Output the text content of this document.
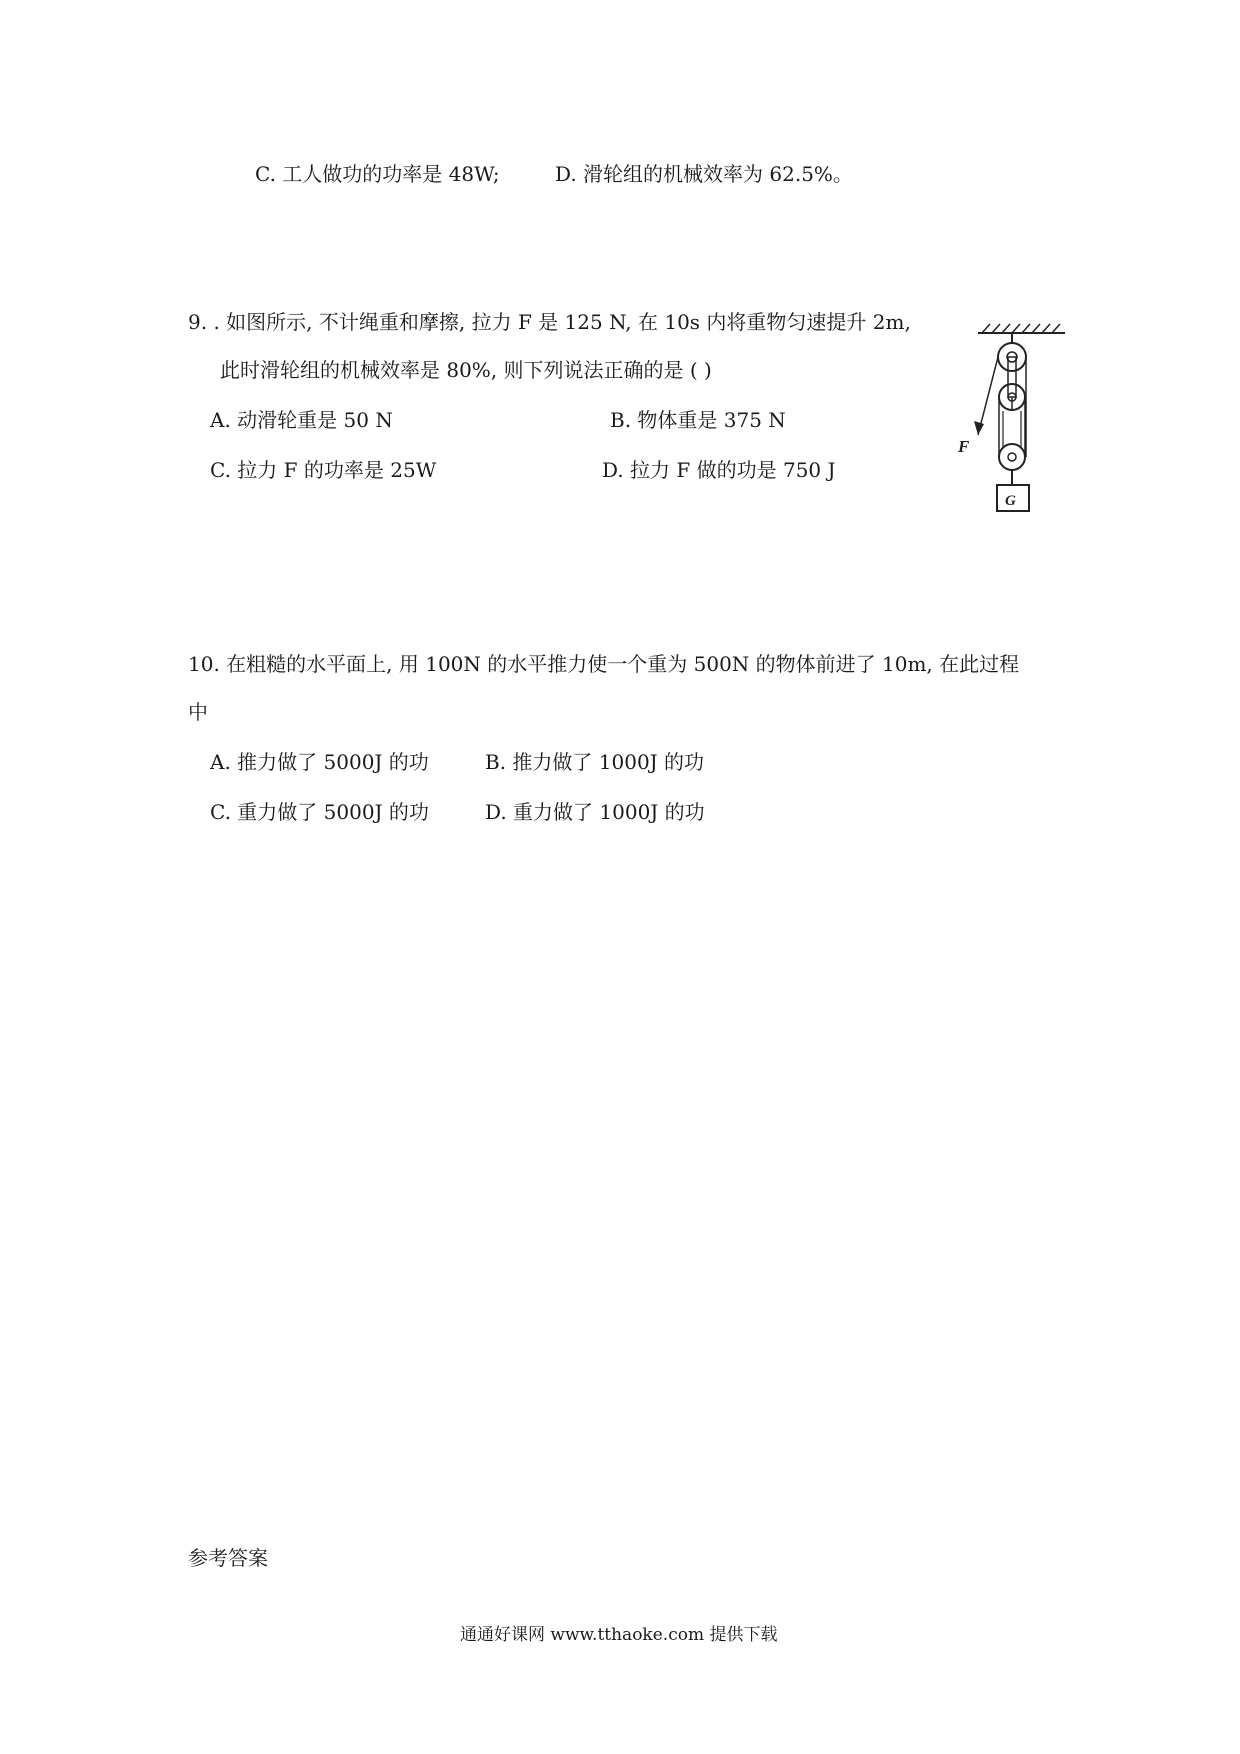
C. 工人做功的功率是 48W;	D. 滑轮组的机械效率为 62.5%。
9. . 如图所示, 不计绳重和摩擦, 拉力 F 是 125 N, 在 10s 内将重物匀速提升 2m,
此时滑轮组的机械效率是 80%, 则下列说法正确的是 ( )
A. 动滑轮重是 50 N	B. 物体重是 375 N
C. 拉力 F 的功率是 25W	D. 拉力 F 做的功是 750 J
F
G
10. 在粗糙的水平面上, 用 100N 的水平推力使一个重为 500N 的物体前进了 10m, 在此过程
中
A. 推力做了 5000J 的功	B. 推力做了 1000J 的功
C. 重力做了 5000J 的功	D. 重力做了 1000J 的功
参考答案
通通好课网 www.tthaoke.com 提供下载
